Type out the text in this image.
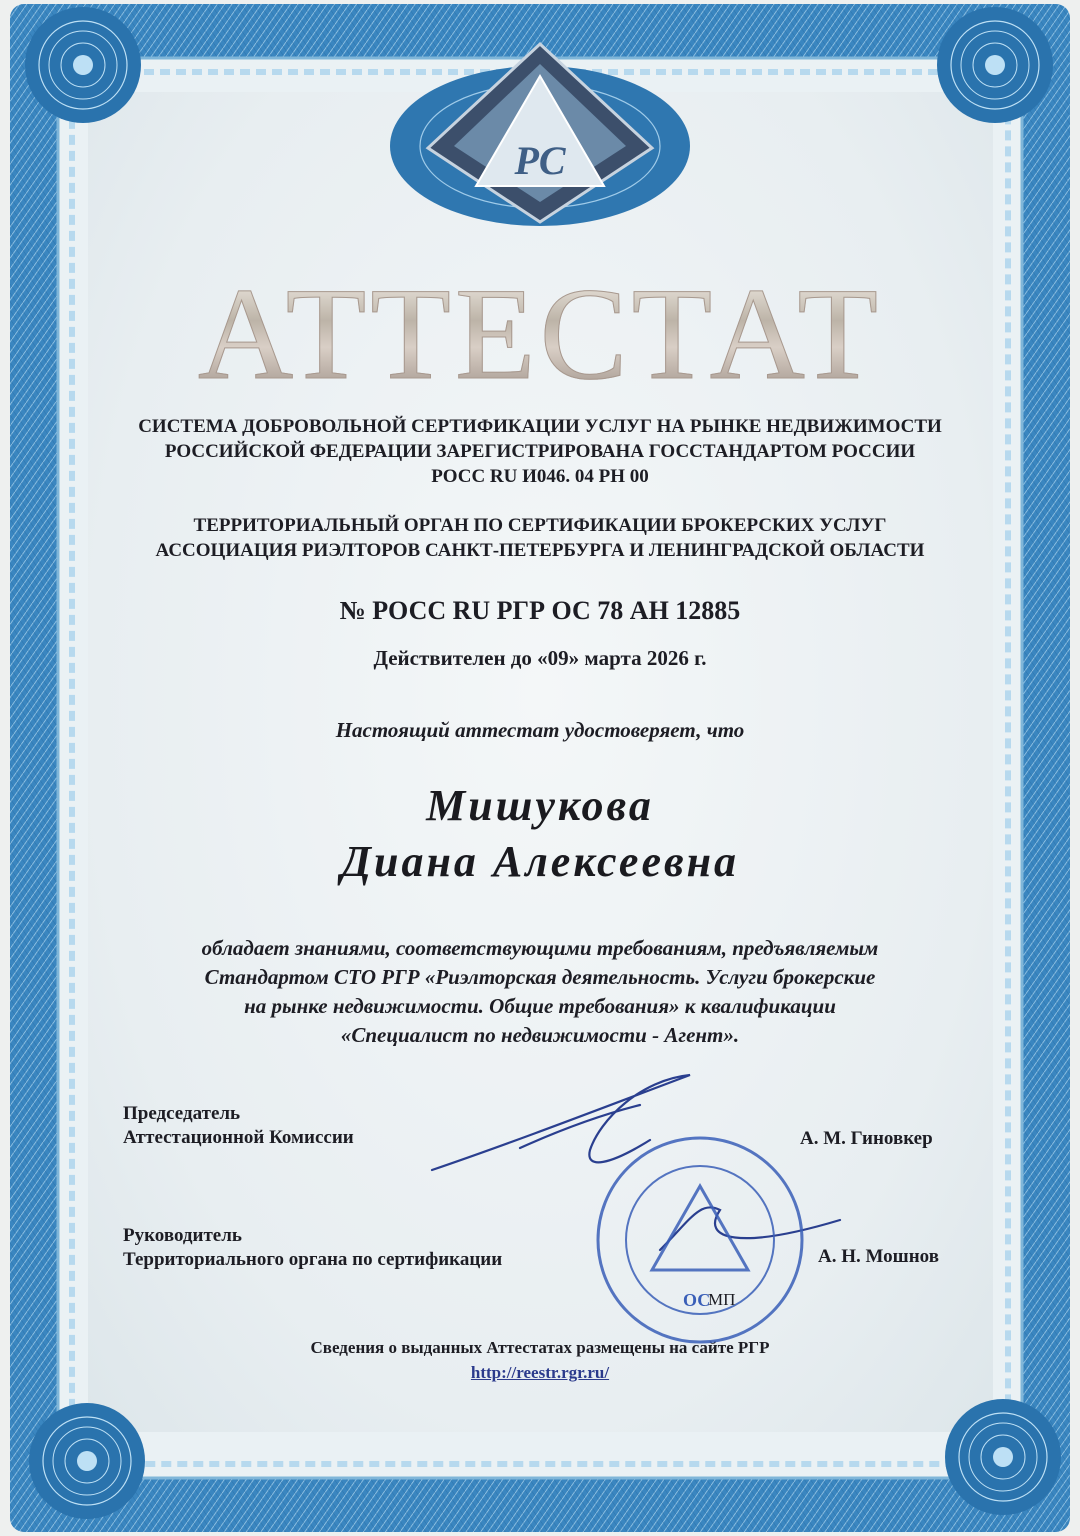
РС
АТТЕСТАТ
СИСТЕМА ДОБРОВОЛЬНОЙ СЕРТИФИКАЦИИ УСЛУГ НА РЫНКЕ НЕДВИЖИМОСТИ
РОССИЙСКОЙ ФЕДЕРАЦИИ ЗАРЕГИСТРИРОВАНА ГОССТАНДАРТОМ РОССИИ
РОСС RU И046. 04 РН 00
ТЕРРИТОРИАЛЬНЫЙ ОРГАН ПО СЕРТИФИКАЦИИ БРОКЕРСКИХ УСЛУГ
АССОЦИАЦИЯ РИЭЛТОРОВ САНКТ-ПЕТЕРБУРГА И ЛЕНИНГРАДСКОЙ ОБЛАСТИ
№ РОСС RU РГР ОС 78 АН 12885
Действителен до «09» марта 2026 г.
Настоящий аттестат удостоверяет, что
Мишукова
Диана Алексеевна
обладает знаниями, соответствующими требованиям, предъявляемым
Стандартом СТО РГР «Риэлторская деятельность. Услуги брокерские
на рынке недвижимости. Общие требования» к квалификации
«Специалист по недвижимости - Агент».
Председатель
Аттестационной Комиссии	А. М. Гиновкер
Руководитель
Территориального органа по сертификации	А. Н. Мошнов
Сведения о выданных Аттестатах размещены на сайте РГР
http://reestr.rgr.ru/
ОС
МП
